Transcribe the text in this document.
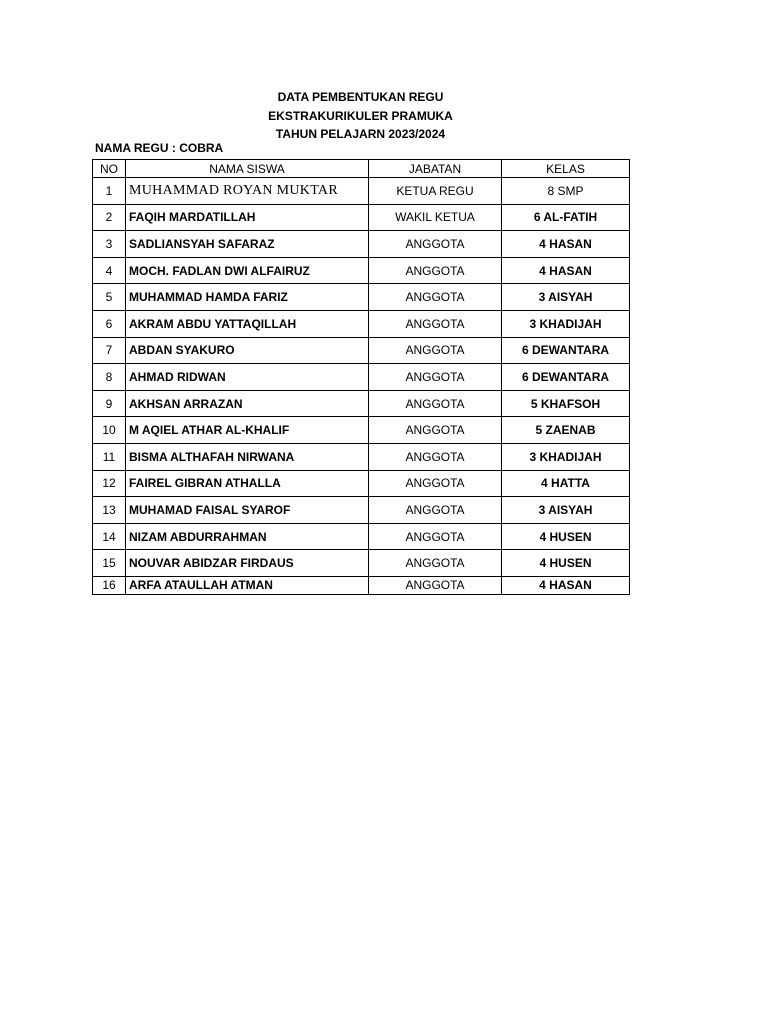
DATA PEMBENTUKAN REGU
EKSTRAKURIKULER PRAMUKA
TAHUN PELAJARN 2023/2024
NAMA REGU : COBRA
NO	NAMA SISWA	JABATAN	KELAS
1	MUHAMMAD ROYAN MUKTAR	KETUA REGU	8 SMP
2	FAQIH MARDATILLAH	WAKIL KETUA	6 AL-FATIH
3	SADLIANSYAH SAFARAZ	ANGGOTA	4 HASAN
4	MOCH. FADLAN DWI ALFAIRUZ	ANGGOTA	4 HASAN
5	MUHAMMAD HAMDA FARIZ	ANGGOTA	3 AISYAH
6	AKRAM ABDU YATTAQILLAH	ANGGOTA	3 KHADIJAH
7	ABDAN SYAKURO	ANGGOTA	6 DEWANTARA
8	AHMAD RIDWAN	ANGGOTA	6 DEWANTARA
9	AKHSAN ARRAZAN	ANGGOTA	5 KHAFSOH
10	M AQIEL ATHAR AL-KHALIF	ANGGOTA	5 ZAENAB
11	BISMA ALTHAFAH NIRWANA	ANGGOTA	3 KHADIJAH
12	FAIREL GIBRAN ATHALLA	ANGGOTA	4 HATTA
13	MUHAMAD FAISAL SYAROF	ANGGOTA	3 AISYAH
14	NIZAM ABDURRAHMAN	ANGGOTA	4 HUSEN
15	NOUVAR ABIDZAR FIRDAUS	ANGGOTA	4 HUSEN
16	ARFA ATAULLAH ATMAN	ANGGOTA	4 HASAN
